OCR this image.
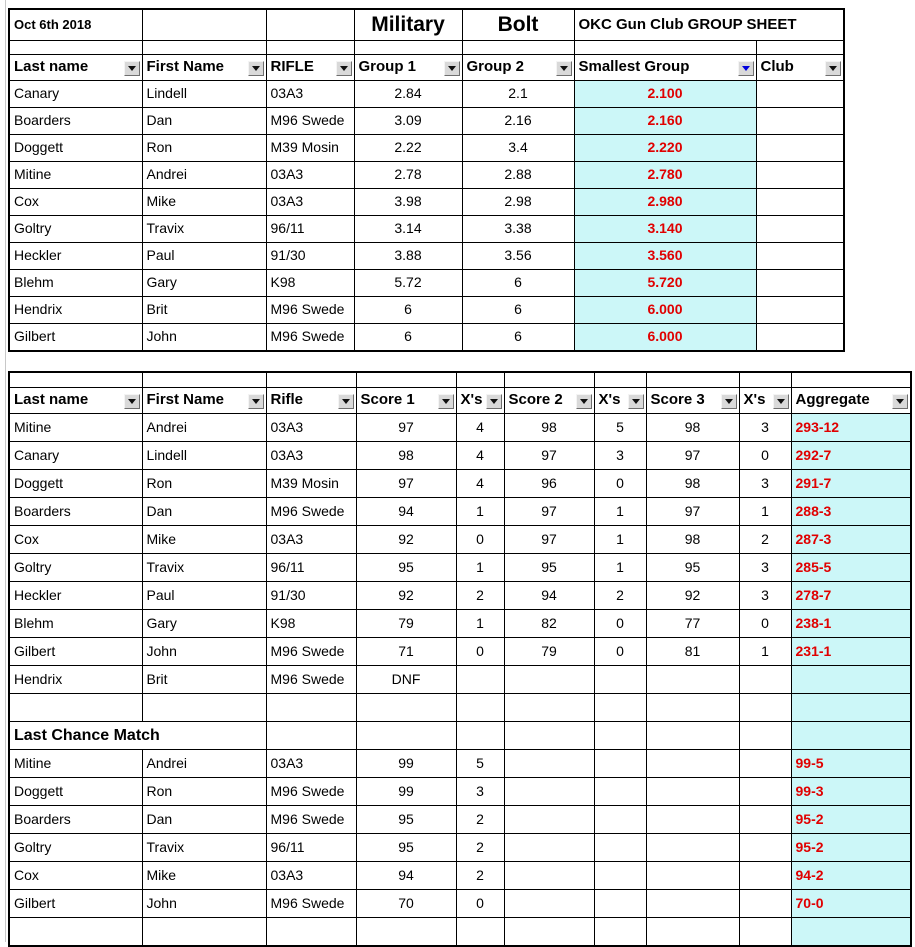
Oct 6th 2018			Military	Bolt	OKC Gun Club GROUP SHEET	

Last name	First Name	RIFLE	Group 1	Group 2	Smallest Group	Club

Canary	Lindell	03A3	2.84	2.1	2.100	
Boarders	Dan	M96 Swede	3.09	2.16	2.160	
Doggett	Ron	M39 Mosin	2.22	3.4	2.220	
Mitine	Andrei	03A3	2.78	2.88	2.780	
Cox	Mike	03A3	3.98	2.98	2.980	
Goltry	Travix	96/11	3.14	3.38	3.140	
Heckler	Paul	91/30	3.88	3.56	3.560	
Blehm	Gary	K98	5.72	6	5.720	
Hendrix	Brit	M96 Swede	6	6	6.000	
Gilbert	John	M96 Swede	6	6	6.000	

Last name	First Name	Rifle	Score 1	X's	Score 2	X's	Score 3	X's	Aggregate

Mitine	Andrei	03A3	97	4	98	5	98	3	293-12
Canary	Lindell	03A3	98	4	97	3	97	0	292-7
Doggett	Ron	M39 Mosin	97	4	96	0	98	3	291-7
Boarders	Dan	M96 Swede	94	1	97	1	97	1	288-3
Cox	Mike	03A3	92	0	97	1	98	2	287-3
Goltry	Travix	96/11	95	1	95	1	95	3	285-5
Heckler	Paul	91/30	92	2	94	2	92	3	278-7
Blehm	Gary	K98	79	1	82	0	77	0	238-1
Gilbert	John	M96 Swede	71	0	79	0	81	1	231-1
Hendrix	Brit	M96 Swede	DNF						

Last Chance Match									
Mitine	Andrei	03A3	99	5					99-5
Doggett	Ron	M96 Swede	99	3					99-3
Boarders	Dan	M96 Swede	95	2					95-2
Goltry	Travix	96/11	95	2					95-2
Cox	Mike	03A3	94	2					94-2
Gilbert	John	M96 Swede	70	0					70-0
